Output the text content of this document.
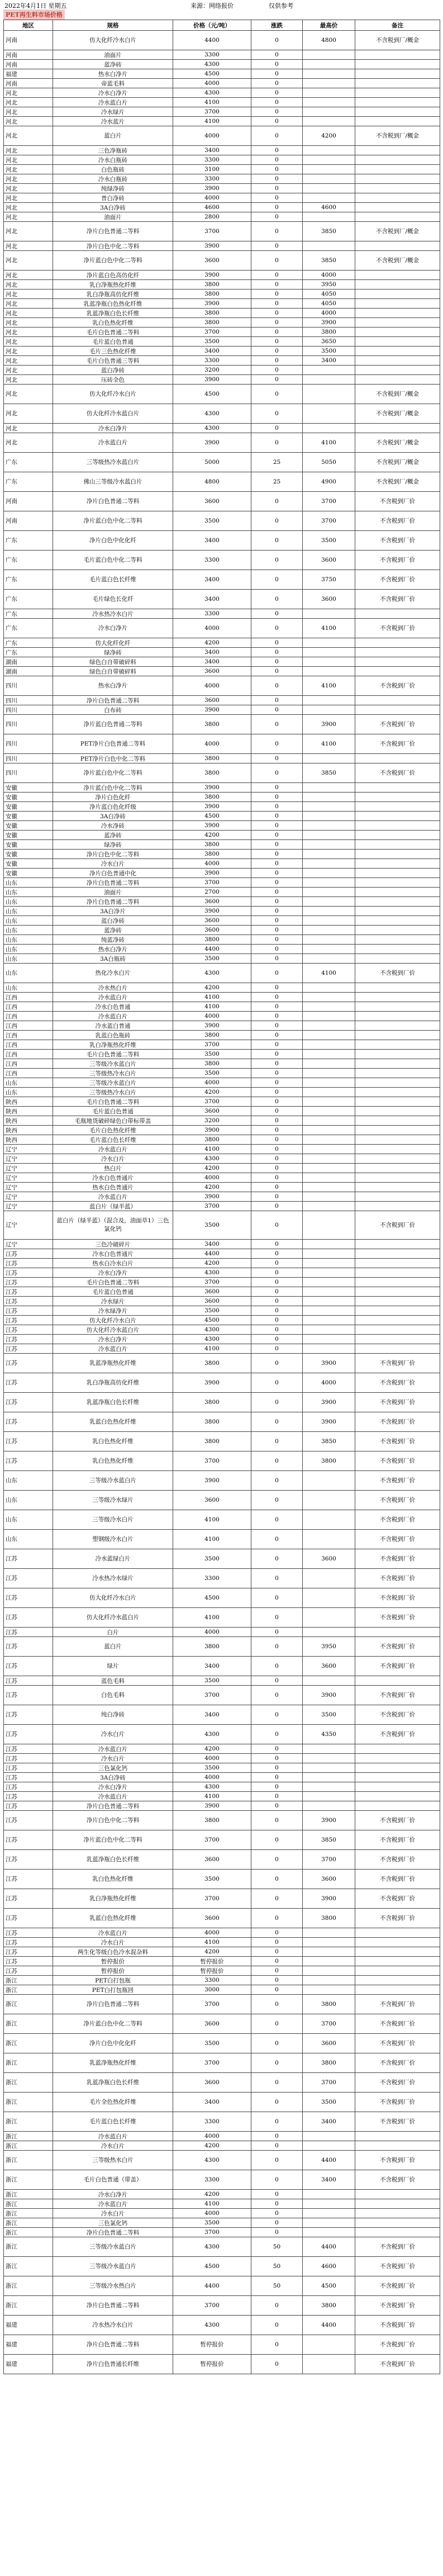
2022年4月1日 星期五	来源：网络报价	仅供参考
PET再生料市场价格
地区	规格	价格（元/吨）	涨跌	最高价	备注
河南	仿大化纤冷水白片	4400	0	4800	不含税到厂/概金
河南	油面片	3300	0		
河南	蓝净砖	4300	0		
福建	热水白净片	4500	0		
河南	帝蓝毛料	4000	0		
河北	冷水白净片	4300	0		
河北	冷水蓝白片	4100	0		
河北	冷水绿片	3700	0		
河北	冷水蓝片	4100	0		
河北	蓝白片	4000	0	4200	不含税到厂/概金
河北	三色净瓶砖	3400	0		
河北	冷水白瓶砖	3300	0		
河北	白色瓶砖	3100	0		
河北	冷水白瓶砖	3300	0		
河北	纯绿净砖	3900	0		
河北	普白净砖	4000	0		
河北	3A白净砖	4600	0	4600	
河北	油面片	2800	0		
河北	净片白色普通二等料	3700	0	3850	不含税到厂/概金
河北	净片白色中化二等料	3900	0		
河北	净片蓝白色中化二等料	3600	0	3850	不含税到厂/概金
河北	净片蓝白色高仿化纤	3900	0	4000	
河北	乳白净瓶热化纤维	3800	0	3950	
河北	乳白净瓶高仿化纤维	3800	0	4050	
河北	乳蓝净瓶白色热化纤维	3900	0	4050	
河北	乳蓝净瓶白色长纤维	3800	0	4000	
河北	乳白色热化纤维	3800	0	3900	
河北	毛片白色普通二等料	3700	0	3800	
河北	毛片蓝白色普通	3500	0	3650	
河北	毛片三色热化纤维	3400	0	3500	
河北	毛片白色普通三等料	3300	0	3400	
河北	蓝白净砖	3200	0		
河北	压砖全色	3900	0		
河北	仿大化纤冷水白片	4500	0		不含税到厂/概金
河北	仿大化纤冷水蓝白片	4300	0		不含税到厂/概金
河北	冷水白净片	4300	0		
河北	冷水蓝白片	3900	0	4100	不含税到厂/概金
广东	三等级热冷水蓝白片	5000	25	5050	不含税到厂/概金
广东	佛山三等级冷水蓝白片	4800	25	4900	不含税到厂/概金
河南	净片白色普通二等料	3600	0	3700	不含税到厂价
河南	净片蓝白色中化二等料	3500	0	3700	不含税到厂价
广东	净片白色中化化纤	3400	0	3500	不含税到厂价
广东	毛片蓝白色中化二等料	3300	0	3600	不含税到厂价
广东	毛片蓝白色长纤维	3400	0	3750	不含税到厂价
广东	毛片绿色长化纤	3400	0	3600	不含税到厂价
广东	冷水热冷水白片	3300	0		
广东	冷水白净片	4000	0	4100	不含税到厂价
广东	仿大化纤化纤	4200	0		
广东	绿净砖	3400	0		
湖南	绿色白自带破碎料	3400	0		
湖南	绿色白自带破碎料	3600	0		
四川	热水白净片	4000	0	4100	不含税到厂价
四川	净片白色普通二等料	3600	0		
四川	白布砖	3900	0		
四川	净片蓝白色普通二等料	3800	0	3900	不含税到厂价
四川	PET净片白色普通二等料	4000	0	4100	不含税到厂价
四川	PET净片白色中化二等料	3800	0		
四川	净片蓝白色中化二等料	3800	0	3850	不含税到厂价
安徽	净片蓝白色中化二等料	3900	0		
安徽	净片白色化纤	3800	0		
安徽	净片蓝白色化纤级	3900	0		
安徽	3A白净砖	4500	0		
安徽	冷水净砖	3900	0		
安徽	蓝净砖	4200	0		
安徽	绿净砖	3800	0		
安徽	净片白色中化二等料	3800	0		
安徽	冷水白片	4000	0		
安徽	净片白色普通中化	3900	0		
山东	净片白色普通二等料	3700	0		
山东	油面片	2700	0		
山东	净片白色普通二等料	3600	0		
山东	3A白净片	3900	0		
山东	蓝白净砖	3600	0		
山东	蓝净砖	3600	0		
山东	纯蓝净砖	3800	0		
山东	热水白净片	4400	0		
山东	3A白瓶砖	3500	0		
山东	热化冷水白片	4300	0	4100	不含税到厂价
山东	冷水热白片	4200	0		
江西	冷水蓝白片	4100	0		
江西	冷水白色普通	4100	0		
江西	冷水蓝白片	4000	0		
江西	冷水蓝白普通	3900	0		
江西	乳蓝白色瓶砖	3800	0		
江西	乳白净瓶热化纤维	3700	0		
江西	毛片白色普通二等料	3500	0		
江西	三等级冷水蓝白片	3800	0		
江西	三等级热冷水白片	3500	0		
山东	三等级冷水蓝白片	4000	0		
山东	三等级热冷水白片	4200	0		
陕西	毛片白色普通二等料	3700	0		
陕西	毛片蓝白色普通	3600	0		
陕西	毛瓶地货破碎绿色白带标带盖	3200	0		
陕西	毛片白色热化纤维	3900	0		
陕西	毛片蓝白色长纤维	3800	0		
辽宁	冷水蓝白片	4100	0		
辽宁	冷水白片	4300	0		
辽宁	热白片	4200	0		
辽宁	冷水白色普通片	4000	0		
辽宁	热水白色普通片	4200	0		
辽宁	冷水蓝白片	3900	0		
辽宁	蓝白片（绿半蓝）	3700	0		
辽宁	蓝白片（绿半蓝）（混合及，油面草1）三色氯化钙	3500	0		不含税到厂价
辽宁	三色冷破碎片	3400	0		
江苏	冷水白色普通片	4400	0		
江苏	热水白冷水白片	4200	0		
江苏	冷水白净片	4300	0		
江苏	毛片白色普通二等料	3700	0		
江苏	毛片蓝白色普通	3600	0		
江苏	冷水绿片	3600	0		
江苏	冷水绿净片	3500	0		
江苏	仿大化纤冷水白片	4500	0		
江苏	仿大化纤冷水蓝白片	4300	0		
江苏	冷水白净片	4300	0		
江苏	冷水蓝白片	4100	0		
江苏	乳蓝净瓶热化纤维	3800	0	3900	不含税到厂价
江苏	乳白净瓶高仿化纤维	3900	0	4000	不含税到厂价
江苏	乳蓝净瓶白色长纤维	3800	0	3900	不含税到厂价
江苏	乳蓝白色热化纤维	3800	0	3900	不含税到厂价
江苏	乳白色热化纤维	3800	0	3850	不含税到厂价
江苏	乳白色热化纤维	3700	0	3800	不含税到厂价
山东	三等级冷水蓝白片	3900	0		不含税到厂价
山东	三等级冷水绿片	3600	0		不含税到厂价
山东	三等级冷水白片	4100	0		不含税到厂价
山东	塑钢级冷水白片	4100	0		不含税到厂价
江苏	冷水蓝绿白片	3500	0	3600	不含税到厂价
江苏	冷水热冷水绿片	3300	0		不含税到厂价
江苏	仿大化纤冷水白片	4500	0		不含税到厂价
江苏	仿大化纤冷水蓝白片	4100	0		不含税到厂价
江苏	白片	4000	0		
江苏	蓝白片	3800	0	3950	不含税到厂价
江苏	绿片	3400	0	3600	不含税到厂价
江苏	蓝色毛料	3500	0		
江苏	白色毛料	3700	0	3900	不含税到厂价
江苏	纯白净砖	3400	0	3500	不含税到厂价
江苏	冷水白片	4300	0	4350	不含税到厂价
江苏	冷水蓝白片	4200	0		
江苏	冷水白片	4000	0		
江苏	三色氯化钙	3500	0		
江苏	3A白净砖	4000	0		
江苏	冷水白净片	4300	0		
江苏	冷水蓝白片	4100	0		
江苏	净片白色普通二等料	3900	0		
江苏	净片白色中化二等料	3800	0	3900	不含税到厂价
江苏	净片蓝白色中化二等料	3700	0	3850	不含税到厂价
江苏	乳蓝净瓶白色长纤维	3600	0	3700	不含税到厂价
江苏	乳白色热化纤维	3500	0	3600	不含税到厂价
江苏	乳白净瓶热化纤维	3700	0	3900	不含税到厂价
江苏	乳蓝白色热化纤维	3600	0	3800	不含税到厂价
江苏	冷水蓝白片	4000	0		
江苏	冷水白片	4100	0		
江苏	两生化等级白色冷水混杂料	4200	0		
江苏	暂停报价	暂停报价	0		
江苏	暂停报价	暂停报价	0		
浙江	PET白打包瓶	3300	0		
浙江	PET白打包瓶回	3000	0		
浙江	净片白色普通二等料	3700	0	3800	不含税到厂价
浙江	净片蓝白色中化二等料	3600	0	3700	不含税到厂价
浙江	净片白色中化化纤	3500	0	3600	不含税到厂价
浙江	乳蓝净瓶热化纤维	3700	0	3800	不含税到厂价
浙江	乳蓝净瓶白色长纤维	3600	0	3700	不含税到厂价
浙江	毛片全色热化纤维	3400	0	3500	不含税到厂价
浙江	毛片蓝白色长纤维	3300	0	3400	不含税到厂价
浙江	冷水蓝白片	4000	0		
浙江	冷水白片	4200	0		
浙江	三等级热水白片	4300	0	4400	不含税到厂价
浙江	毛片白色普通（带盖）	3300	0	3400	不含税到厂价
浙江	冷水白净片	4200	0		
浙江	冷水蓝白片	4100	0		
浙江	冷水白片	4000	0		
浙江	三色氯化钙	3500	0		
浙江	净片白色普通二等料	3700	0		
浙江	三等级冷水蓝白片	4300	50	4400	不含税到厂价
浙江	三等级冷水蓝白片	4500	50	4600	不含税到厂价
浙江	三等级冷水热白片	4400	50	4500	不含税到厂价
浙江	净片白色普通二等料	3700	0	3800	不含税到厂价
福建	冷水热冷水白片	4300	0	4400	不含税到厂价
福建	净片白色普通二等料	暂停报价	0		不含税到厂价
福建	净片白色普通长纤维	暂停报价	0		不含税到厂价
